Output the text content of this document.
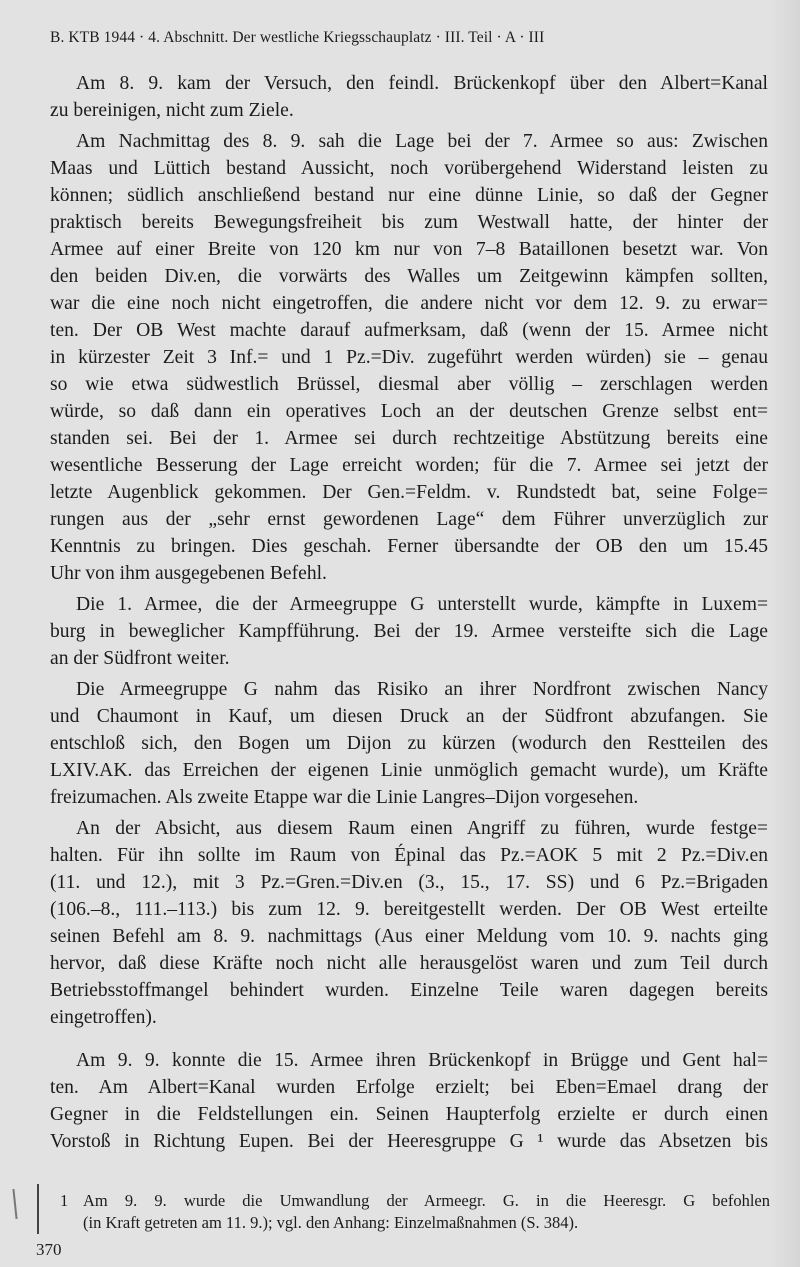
B. KTB 1944 · 4. Abschnitt. Der westliche Kriegsschauplatz · III. Teil · A · III
Am 8. 9. kam der Versuch, den feindl. Brückenkopf über den Albert=Kanal
zu bereinigen, nicht zum Ziele.
Am Nachmittag des 8. 9. sah die Lage bei der 7. Armee so aus: Zwischen
Maas und Lüttich bestand Aussicht, noch vorübergehend Widerstand leisten zu
können; südlich anschließend bestand nur eine dünne Linie, so daß der Gegner
praktisch bereits Bewegungsfreiheit bis zum Westwall hatte, der hinter der
Armee auf einer Breite von 120 km nur von 7–8 Bataillonen besetzt war. Von
den beiden Div.en, die vorwärts des Walles um Zeitgewinn kämpfen sollten,
war die eine noch nicht eingetroffen, die andere nicht vor dem 12. 9. zu erwar=
ten. Der OB West machte darauf aufmerksam, daß (wenn der 15. Armee nicht
in kürzester Zeit 3 Inf.= und 1 Pz.=Div. zugeführt werden würden) sie – genau
so wie etwa südwestlich Brüssel, diesmal aber völlig – zerschlagen werden
würde, so daß dann ein operatives Loch an der deutschen Grenze selbst ent=
standen sei. Bei der 1. Armee sei durch rechtzeitige Abstützung bereits eine
wesentliche Besserung der Lage erreicht worden; für die 7. Armee sei jetzt der
letzte Augenblick gekommen. Der Gen.=Feldm. v. Rundstedt bat, seine Folge=
rungen aus der „sehr ernst gewordenen Lage“ dem Führer unverzüglich zur
Kenntnis zu bringen. Dies geschah. Ferner übersandte der OB den um 15.45
Uhr von ihm ausgegebenen Befehl.
Die 1. Armee, die der Armeegruppe G unterstellt wurde, kämpfte in Luxem=
burg in beweglicher Kampfführung. Bei der 19. Armee versteifte sich die Lage
an der Südfront weiter.
Die Armeegruppe G nahm das Risiko an ihrer Nordfront zwischen Nancy
und Chaumont in Kauf, um diesen Druck an der Südfront abzufangen. Sie
entschloß sich, den Bogen um Dijon zu kürzen (wodurch den Restteilen des
LXIV.AK. das Erreichen der eigenen Linie unmöglich gemacht wurde), um Kräfte
freizumachen. Als zweite Etappe war die Linie Langres–Dijon vorgesehen.
An der Absicht, aus diesem Raum einen Angriff zu führen, wurde festge=
halten. Für ihn sollte im Raum von Épinal das Pz.=AOK 5 mit 2 Pz.=Div.en
(11. und 12.), mit 3 Pz.=Gren.=Div.en (3., 15., 17. SS) und 6 Pz.=Brigaden
(106.–8., 111.–113.) bis zum 12. 9. bereitgestellt werden. Der OB West erteilte
seinen Befehl am 8. 9. nachmittags (Aus einer Meldung vom 10. 9. nachts ging
hervor, daß diese Kräfte noch nicht alle herausgelöst waren und zum Teil durch
Betriebsstoffmangel behindert wurden. Einzelne Teile waren dagegen bereits
eingetroffen).
Am 9. 9. konnte die 15. Armee ihren Brückenkopf in Brügge und Gent hal=
ten. Am Albert=Kanal wurden Erfolge erzielt; bei Eben=Emael drang der
Gegner in die Feldstellungen ein. Seinen Haupterfolg erzielte er durch einen
Vorstoß in Richtung Eupen. Bei der Heeresgruppe G ¹ wurde das Absetzen bis
1 Am 9. 9. wurde die Umwandlung der Armeegr. G. in die Heeresgr. G befohlen
(in Kraft getreten am 11. 9.); vgl. den Anhang: Einzelmaßnahmen (S. 384).
370
